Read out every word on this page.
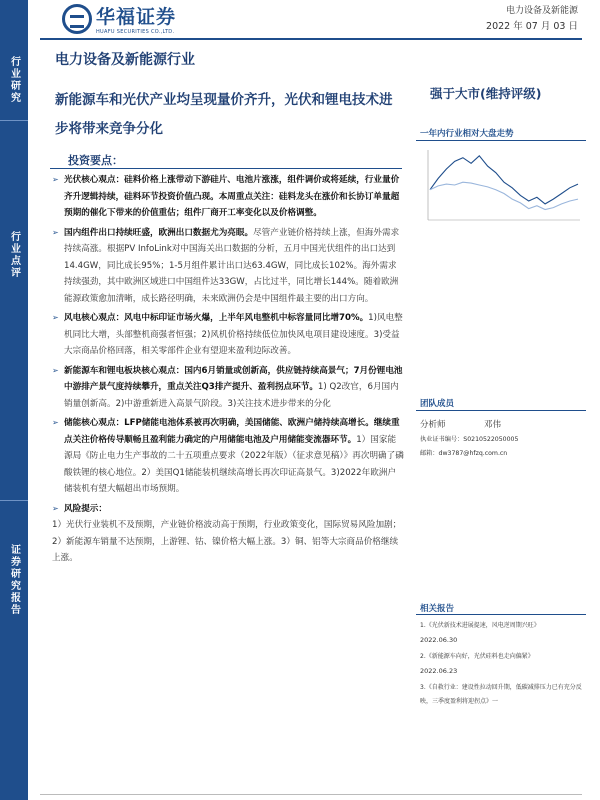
行业研究
行业点评
证券研究报告
华福证券
HUAFU SECURITIES CO.,LTD.
电力设备及新能源
2022 年 07 月 03 日
电力设备及新能源行业
新能源车和光伏产业均呈现量价齐升，光伏和锂电技术进步将带来竞争分化
强于大市(维持评级)
投资要点：
➢ 光伏核心观点：硅料价格上涨带动下游硅片、电池片涨涨，组件调价或将延续，行业量价齐升逻辑持续，硅料环节投资价值凸现。本周重点关注：硅料龙头在涨价和长协订单量超预期的催化下带来的价值重估；组件厂商开工率变化以及价格调整。
➢ 国内组件出口持续旺盛，欧洲出口数据尤为亮眼。尽管产业链价格持续上涨，但海外需求持续高涨。根据PV InfoLink对中国海关出口数据的分析，五月中国光伏组件的出口达到14.4GW，同比成长95%；1-5月组件累计出口达63.4GW，同比成长102%。海外需求持续强劲，其中欧洲区域进口中国组件达33GW，占比过半，同比增长144%。随着欧洲能源政策愈加清晰，成长路径明确，未来欧洲仍会是中国组件最主要的出口方向。
➢ 风电核心观点：风电中标印证市场火爆，上半年风电整机中标容量同比增70%。1)风电整机同比大增，头部整机商强者恒强；2)风机价格持续低位加快风电项目建设速度。3)受益大宗商品价格回落，相关零部件企业有望迎来盈利边际改善。
➢ 新能源车和锂电板块核心观点：国内6月销量或创新高，供应链持续高景气；7月份锂电池中游排产景气度持续攀升，重点关注Q3排产提升、盈利拐点环节。1) Q2改官，6月国内销量创新高。2)中游重新进入高景气阶段。3)关注技术进步带来的分化
➢ 储能核心观点：LFP储能电池体系被再次明确，美国储能、欧洲户储持续高增长。继续重点关注价格传导顺畅且盈利能力确定的户用储能电池及户用储能变流器环节。1）国家能源局《防止电力生产事故的二十五项重点要求（2022年版）（征求意见稿）》再次明确了磷酸铁锂的核心地位。2）美国Q1储能装机继续高增长再次印证高景气。3)2022年欧洲户储装机有望大幅超出市场预期。
➢ 风险提示：
1）光伏行业装机不及预期，产业链价格波动高于预期，行业政策变化，国际贸易风险加剧；2）新能源车销量不达预期，上游锂、钴、镍价格大幅上涨。3）铜、铝等大宗商品价格继续上涨。
一年内行业相对大盘走势
团队成员
分析师	邓伟
执业证书编号：S0210522050005
邮箱：dw3787@hfzq.com.cn
相关报告
1.《光伏新技术进展提速，风电逆周期兴旺》
2022.06.30
2.《新能源车向好，光伏硅料也走向偏紧》
2022.06.23
3.《自救行业：建设性拉动回升期，低碳减排压力已有充分反映，三季度盈利将迎拐点》一
